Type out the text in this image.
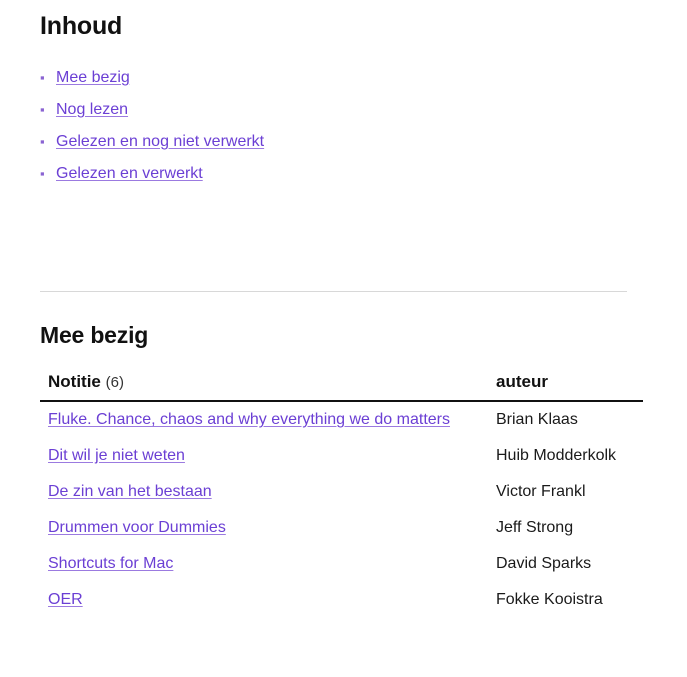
Inhoud
▪ Mee bezig
▪ Nog lezen
▪ Gelezen en nog niet verwerkt
▪ Gelezen en verwerkt
Mee bezig
Notitie (6)	auteur
Fluke. Chance, chaos and why everything we do matters	Brian Klaas
Dit wil je niet weten	Huib Modderkolk
De zin van het bestaan	Victor Frankl
Drummen voor Dummies	Jeff Strong
Shortcuts for Mac	David Sparks
OER	Fokke Kooistra
